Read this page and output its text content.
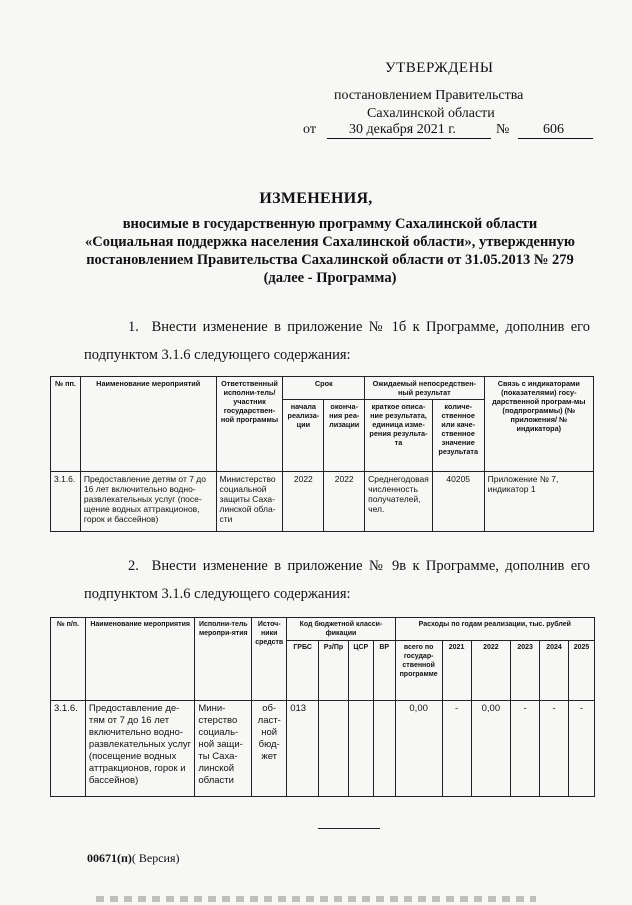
УТВЕРЖДЕНЫ
постановлением Правительства
Сахалинской области
от	30 декабря 2021 г.	№	606
ИЗМЕНЕНИЯ,
вносимые в государственную программу Сахалинской области «Социальная поддержка населения Сахалинской области», утвержденную постановлением Правительства Сахалинской области от 31.05.2013 № 279 (далее - Программа)
1. Внести изменение в приложение № 1б к Программе, дополнив его подпунктом 3.1.6 следующего содержания:
№ пп.	Наименование мероприятий	Ответственный исполни-тель/участник государствен-ной программы	Срок		Ожидаемый непосредствен-ный результат		Связь с индикаторами (показателями) госу-дарственной програм-мы (подпрограммы) (№ приложения/ № индикатора)
			начала реализа-ции	оконча-ния реа-лизации	краткое описа-ние результата, единица изме-рения результа-та	количе-ственное или каче-ственное значение результата	
3.1.6.	Предоставление детям от 7 до 16 лет включительно водно-развлекательных услуг (посе-щение водных аттракционов, горок и бассейнов)	Министерство социальной защиты Саха-линской обла-сти	2022	2022	Среднегодовая численность получателей, чел.	40205	Приложение № 7, индикатор 1
2. Внести изменение в приложение № 9в к Программе, дополнив его подпунктом 3.1.6 следующего содержания:
№ п/п.	Наименование мероприятия	Исполни-тель меропри-ятия	Источ-ники средств	Код бюджетной класси-фикации				Расходы по годам реализации, тыс. рублей					
				ГРБС	Рз/Пр	ЦСР	ВР	всего по государ-ственной программе	2021	2022	2023	2024	2025
3.1.6.	Предоставление де-тям от 7 до 16 лет включительно водно-развлекательных услуг (посещение водных аттракционов, горок и бассейнов)	Мини-стерство социаль-ной защи-ты Саха-линской области	об-ласт-ной бюд-жет	013				0,00	-	0,00	-	-	-
00671(п)( Версия)
